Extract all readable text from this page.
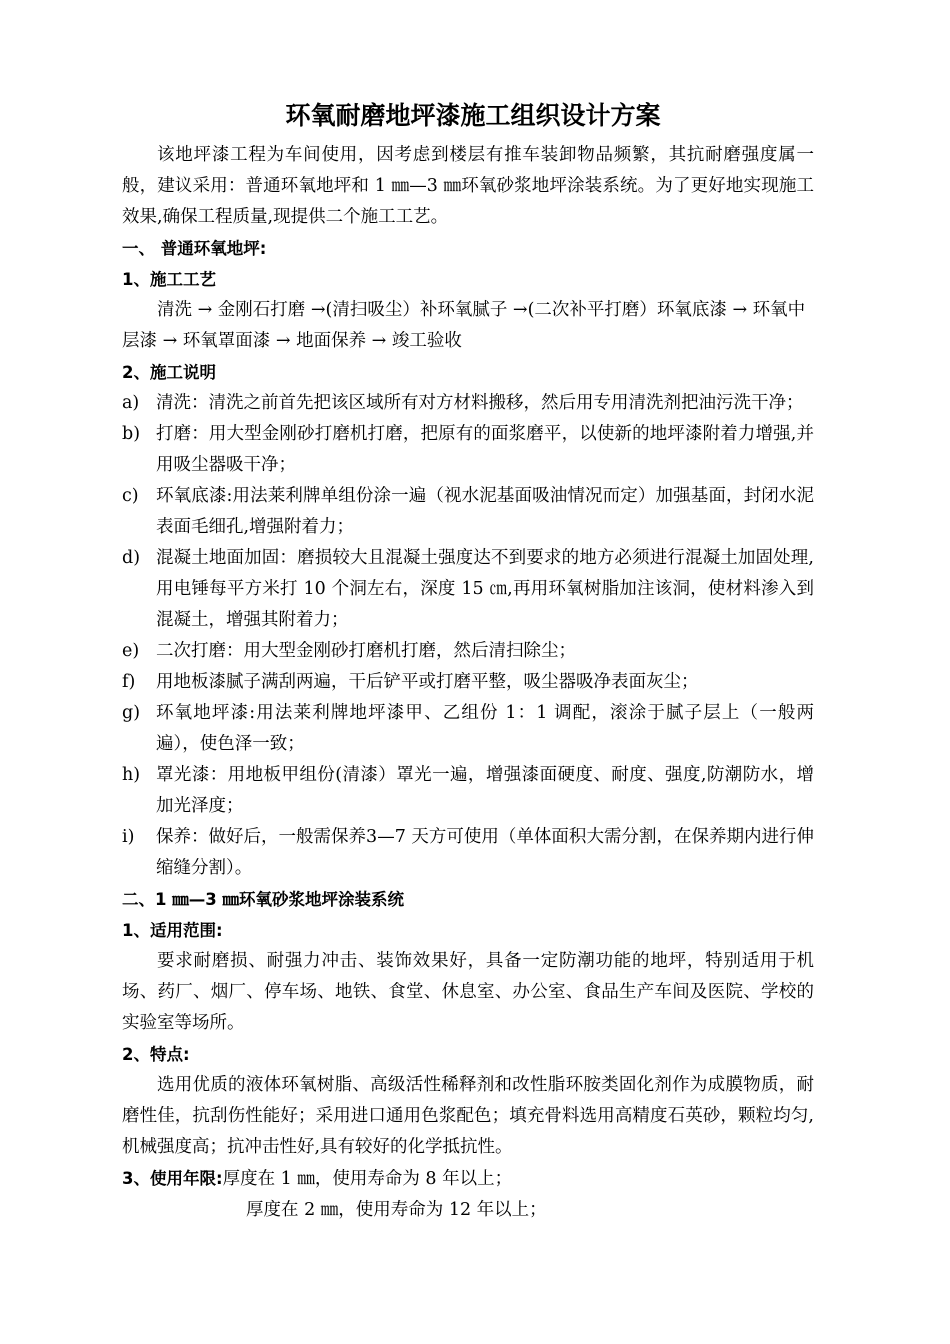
环氧耐磨地坪漆施工组织设计方案

该地坪漆工程为车间使用，因考虑到楼层有推车装卸物品频繁，其抗耐磨强度属一般，建议采用：普通环氧地坪和 1 ㎜—3 ㎜环氧砂浆地坪涂装系统。为了更好地实现施工效果,确保工程质量,现提供二个施工工艺。

一、 普通环氧地坪:

1、施工工艺

清洗 → 金刚石打磨 →(清扫吸尘）补环氧腻子 →(二次补平打磨）环氧底漆 → 环氧中层漆 → 环氧罩面漆 → 地面保养 → 竣工验收

2、施工说明

a) 清洗：清洗之前首先把该区域所有对方材料搬移，然后用专用清洗剂把油污洗干净；
b) 打磨：用大型金刚砂打磨机打磨，把原有的面浆磨平，以使新的地坪漆附着力增强,并用吸尘器吸干净；
c) 环氧底漆:用法莱利牌单组份涂一遍（视水泥基面吸油情况而定）加强基面，封闭水泥表面毛细孔,增强附着力；
d) 混凝土地面加固：磨损较大且混凝土强度达不到要求的地方必须进行混凝土加固处理,用电锤每平方米打 10 个洞左右，深度 15 ㎝,再用环氧树脂加注该洞，使材料渗入到混凝土，增强其附着力；
e) 二次打磨：用大型金刚砂打磨机打磨，然后清扫除尘；
f)	用地板漆腻子满刮两遍，干后铲平或打磨平整，吸尘器吸净表面灰尘；
g) 环氧地坪漆:用法莱利牌地坪漆甲、乙组份 1：1 调配，滚涂于腻子层上（一般两遍），使色泽一致；
h) 罩光漆：用地板甲组份(清漆）罩光一遍，增强漆面硬度、耐度、强度,防潮防水，增加光泽度；
i)	保养：做好后，一般需保养3—7 天方可使用（单体面积大需分割，在保养期内进行伸缩缝分割）。

二、1 ㎜—3 ㎜环氧砂浆地坪涂装系统

1、适用范围:

要求耐磨损、耐强力冲击、装饰效果好，具备一定防潮功能的地坪，特别适用于机场、药厂、烟厂、停车场、地铁、食堂、休息室、办公室、食品生产车间及医院、学校的实验室等场所。

2、特点:

选用优质的液体环氧树脂、高级活性稀释剂和改性脂环胺类固化剂作为成膜物质，耐磨性佳，抗刮伤性能好；采用进口通用色浆配色；填充骨料选用高精度石英砂，颗粒均匀,机械强度高；抗冲击性好,具有较好的化学抵抗性。

3、使用年限:厚度在 1 ㎜，使用寿命为 8 年以上；

厚度在 2 ㎜，使用寿命为 12 年以上；
